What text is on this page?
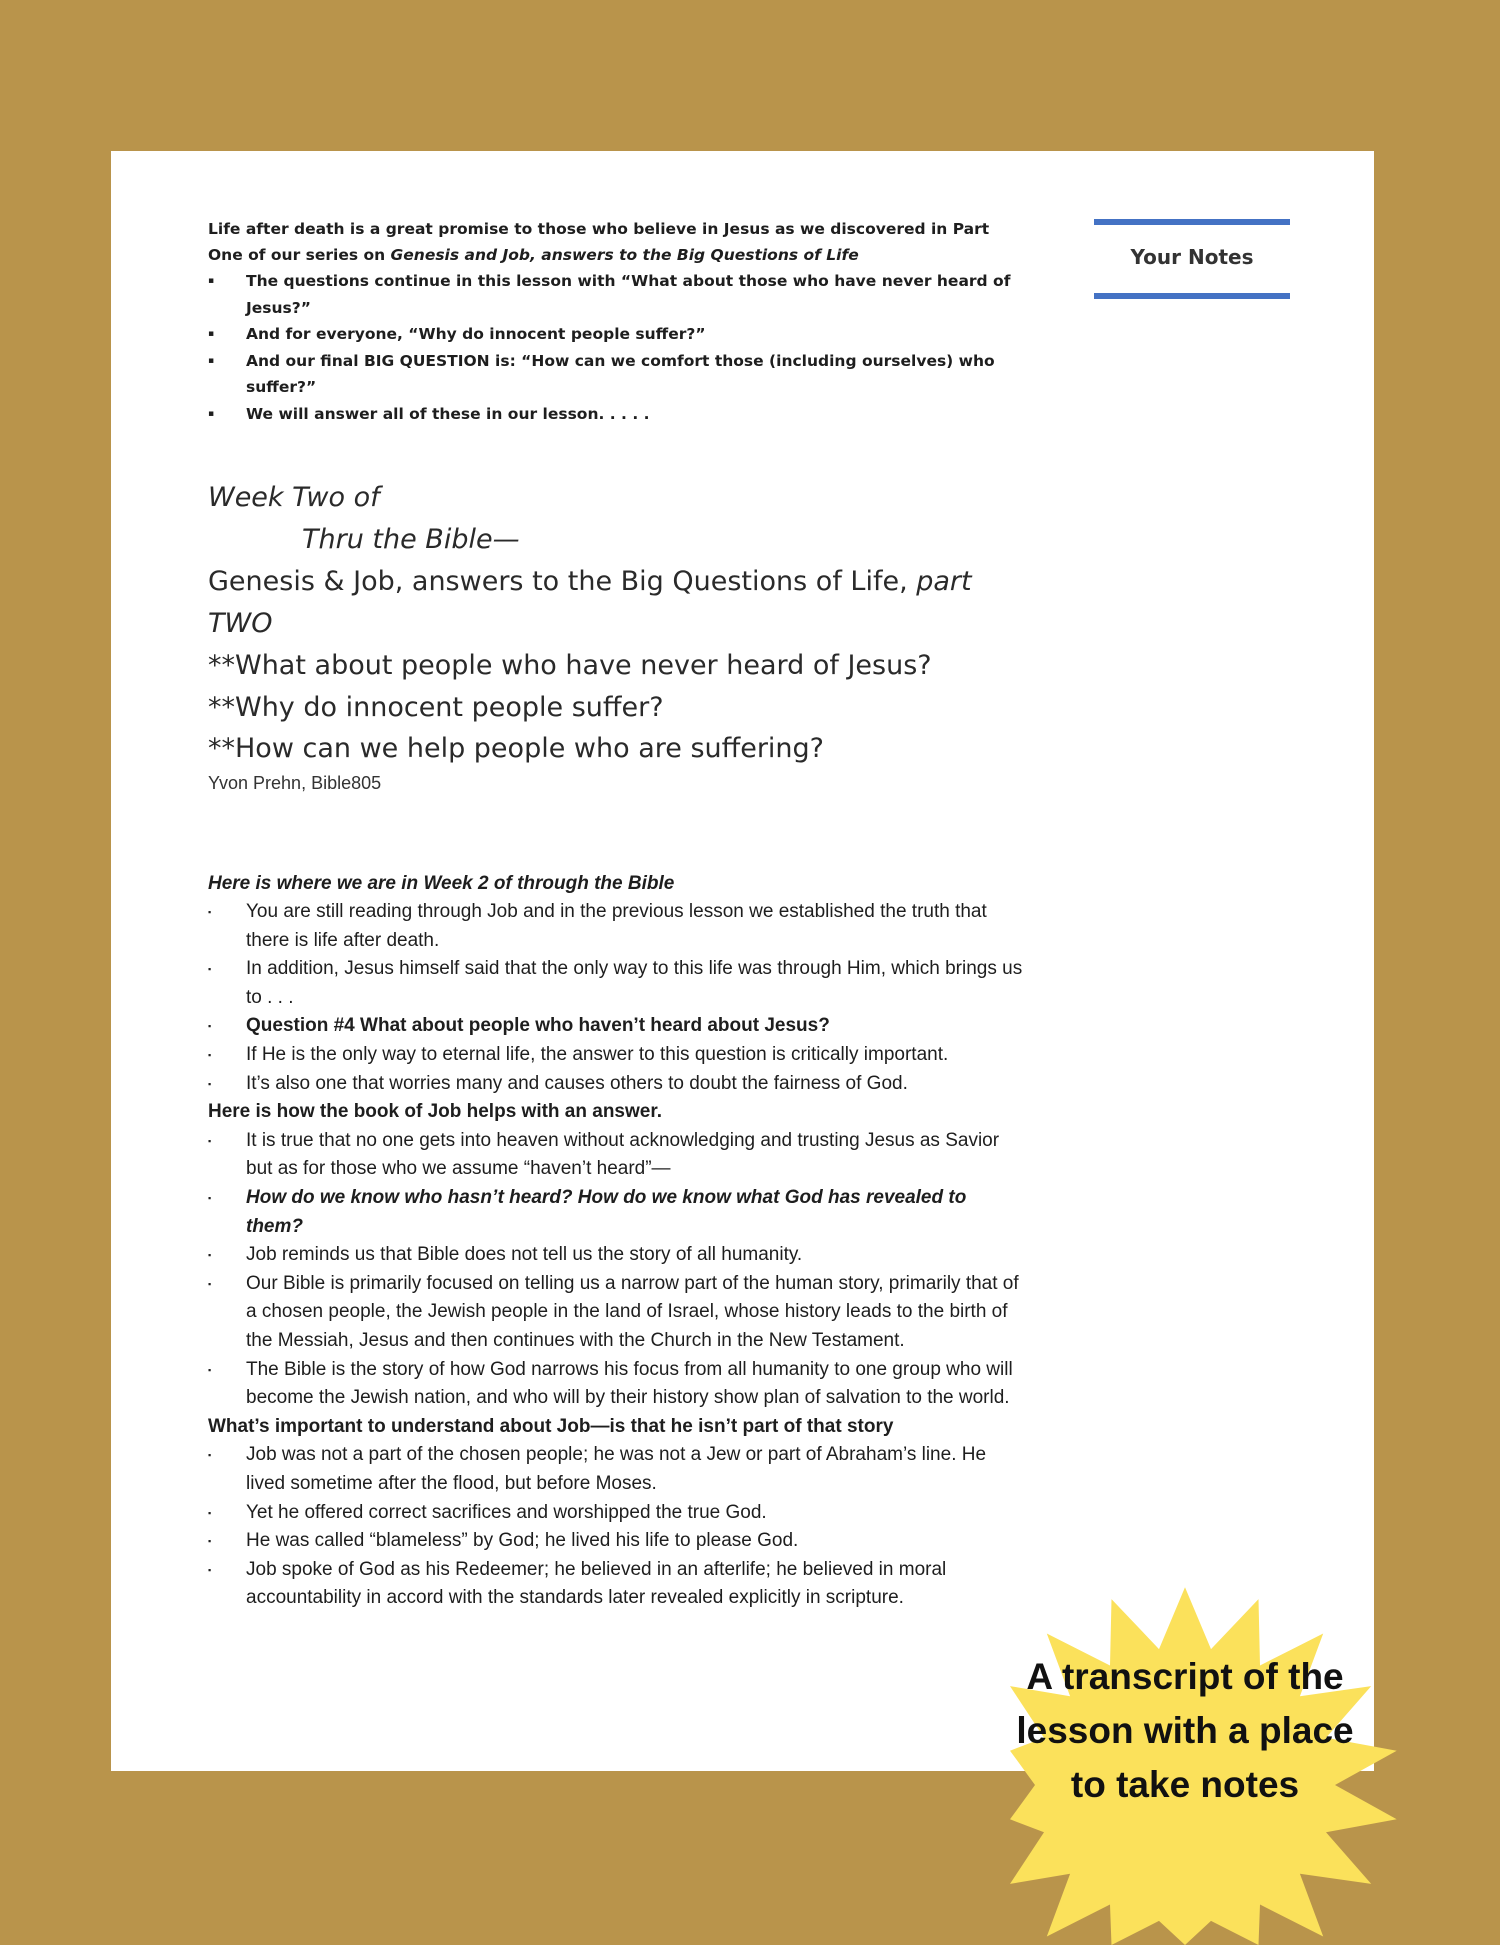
Your Notes

Life after death is a great promise to those who believe in Jesus as we discovered in Part One of our series on Genesis and Job, answers to the Big Questions of Life

▪ The questions continue in this lesson with “What about those who have never heard of Jesus?”
▪ And for everyone, “Why do innocent people suffer?”
▪ And our final BIG QUESTION is: “How can we comfort those (including ourselves) who suffer?”
▪ We will answer all of these in our lesson. . . . .
Week Two of
Thru the Bible—
Genesis & Job, answers to the Big Questions of Life, part TWO
**What about people who have never heard of Jesus?
**Why do innocent people suffer?
**How can we help people who are suffering?
Yvon Prehn, Bible805
Here is where we are in Week 2 of through the Bible
▪ You are still reading through Job and in the previous lesson we established the truth that there is life after death.
▪ In addition, Jesus himself said that the only way to this life was through Him, which brings us to . . .
▪ Question #4 What about people who haven’t heard about Jesus?
▪ If He is the only way to eternal life, the answer to this question is critically important.
▪ It’s also one that worries many and causes others to doubt the fairness of God.
Here is how the book of Job helps with an answer.
▪ It is true that no one gets into heaven without acknowledging and trusting Jesus as Savior but as for those who we assume “haven’t heard”—
▪ How do we know who hasn’t heard? How do we know what God has revealed to them?
▪ Job reminds us that Bible does not tell us the story of all humanity.
▪ Our Bible is primarily focused on telling us a narrow part of the human story, primarily that of a chosen people, the Jewish people in the land of Israel, whose history leads to the birth of the Messiah, Jesus and then continues with the Church in the New Testament.
▪ The Bible is the story of how God narrows his focus from all humanity to one group who will become the Jewish nation, and who will by their history show plan of salvation to the world.
What’s important to understand about Job—is that he isn’t part of that story
▪ Job was not a part of the chosen people; he was not a Jew or part of Abraham’s line. He lived sometime after the flood, but before Moses.
▪ Yet he offered correct sacrifices and worshipped the true God.
▪ He was called “blameless” by God; he lived his life to please God.
▪ Job spoke of God as his Redeemer; he believed in an afterlife; he believed in moral accountability in accord with the standards later revealed explicitly in scripture.
A transcript of the lesson with a place to take notes
